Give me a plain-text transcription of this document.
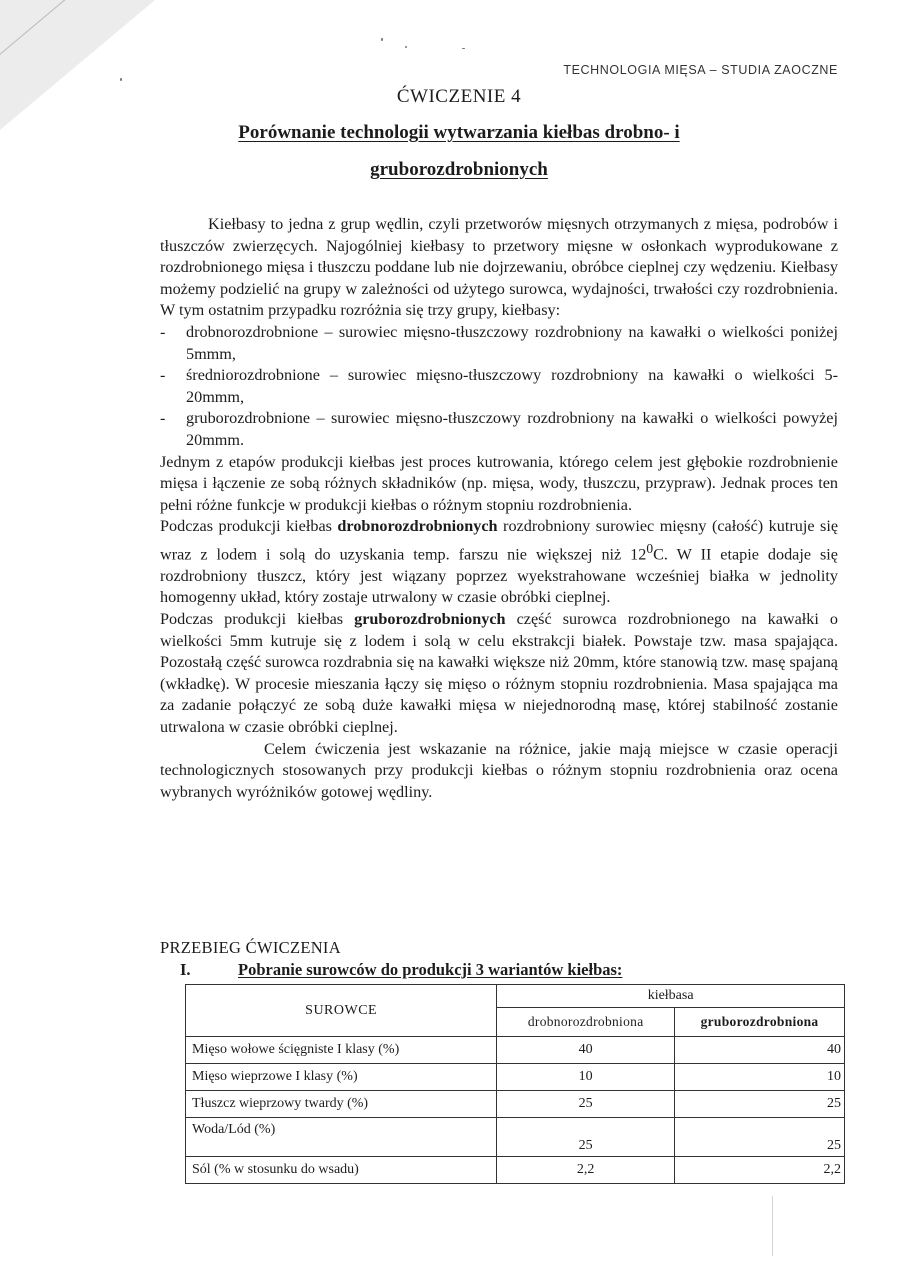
TECHNOLOGIA MIĘSA – STUDIA ZAOCZNE
ĆWICZENIE 4
Porównanie technologii wytwarzania kiełbas drobno- i
gruborozdrobnionych

Kiełbasy to jedna z grup wędlin, czyli przetworów mięsnych otrzymanych z mięsa, podrobów i tłuszczów zwierzęcych. Najogólniej kiełbasy to przetwory mięsne w osłonkach wyprodukowane z rozdrobnionego mięsa i tłuszczu poddane lub nie dojrzewaniu, obróbce cieplnej czy wędzeniu. Kiełbasy możemy podzielić na grupy w zależności od użytego surowca, wydajności, trwałości czy rozdrobnienia. W tym ostatnim przypadku rozróżnia się trzy grupy, kiełbasy:

- drobnorozdrobnione – surowiec mięsno-tłuszczowy rozdrobniony na kawałki o wielkości poniżej 5mmm,
- średniorozdrobnione – surowiec mięsno-tłuszczowy rozdrobniony na kawałki o wielkości 5-20mmm,
- gruborozdrobnione – surowiec mięsno-tłuszczowy rozdrobniony na kawałki o wielkości powyżej 20mmm.

Jednym z etapów produkcji kiełbas jest proces kutrowania, którego celem jest głębokie rozdrobnienie mięsa i łączenie ze sobą różnych składników (np. mięsa, wody, tłuszczu, przypraw). Jednak proces ten pełni różne funkcje w produkcji kiełbas o różnym stopniu rozdrobnienia.

Podczas produkcji kiełbas drobnorozdrobnionych rozdrobniony surowiec mięsny (całość) kutruje się wraz z lodem i solą do uzyskania temp. farszu nie większej niż $12^0C$. W II etapie dodaje się rozdrobniony tłuszcz, który jest wiązany poprzez wyekstrahowane wcześniej białka w jednolity homogenny układ, który zostaje utrwalony w czasie obróbki cieplnej.

Podczas produkcji kiełbas gruborozdrobnionych część surowca rozdrobnionego na kawałki o wielkości 5mm kutruje się z lodem i solą w celu ekstrakcji białek. Powstaje tzw. masa spajająca. Pozostałą część surowca rozdrabnia się na kawałki większe niż 20mm, które stanowią tzw. masę spajaną (wkładkę). W procesie mieszania łączy się mięso o różnym stopniu rozdrobnienia. Masa spajająca ma za zadanie połączyć ze sobą duże kawałki mięsa w niejednorodną masę, której stabilność zostanie utrwalona w czasie obróbki cieplnej.

Celem ćwiczenia jest wskazanie na różnice, jakie mają miejsce w czasie operacji technologicznych stosowanych przy produkcji kiełbas o różnym stopniu rozdrobnienia oraz ocena wybranych wyróżników gotowej wędliny.

PRZEBIEG ĆWICZENIA
I.	Pobranie surowców do produkcji 3 wariantów kiełbas:
SUROWCE	kiełbasa	
	drobnorozdrobniona	gruborozdrobniona
Mięso wołowe ścięgniste I klasy (%)	40	40
Mięso wieprzowe I klasy (%)	10	10
Tłuszcz wieprzowy twardy (%)	25	25
Woda/Lód (%)	25	25
Sól (% w stosunku do wsadu)	2,2	2,2
